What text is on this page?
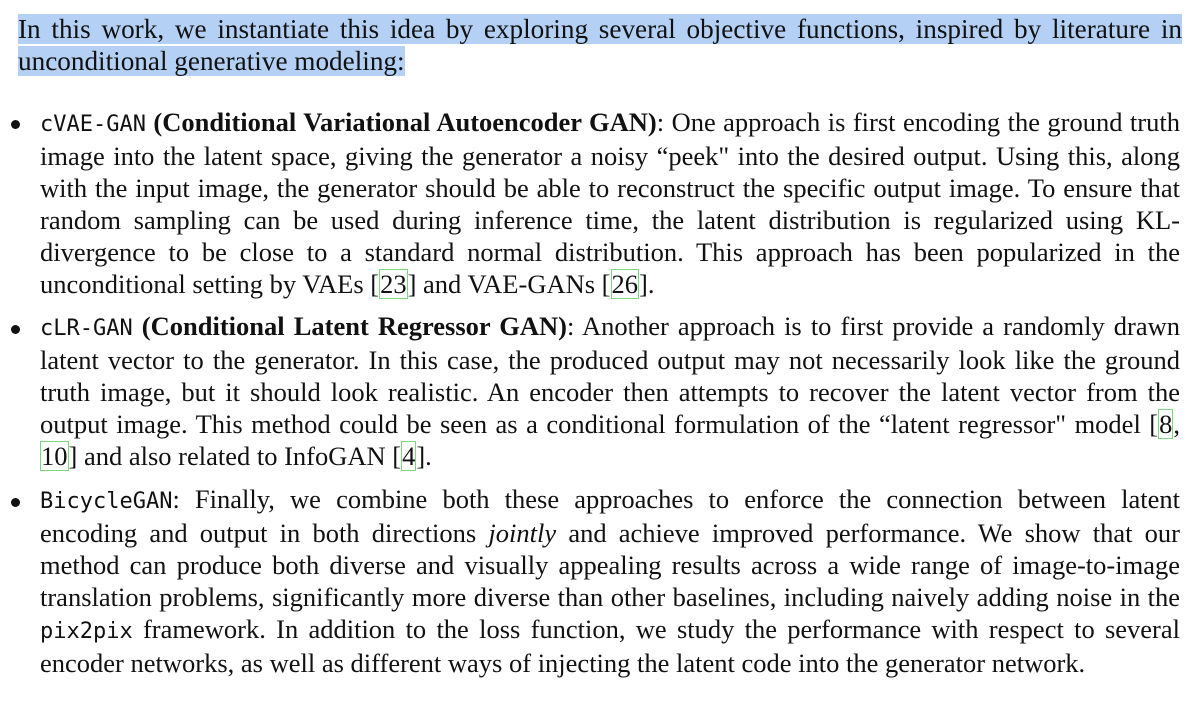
In this work, we instantiate this idea by exploring several objective functions, inspired by literature in unconditional generative modeling:

cVAE-GAN (Conditional Variational Autoencoder GAN): One approach is first encoding the ground truth image into the latent space, giving the generator a noisy “peek" into the desired output. Using this, along with the input image, the generator should be able to reconstruct the specific output image. To ensure that random sampling can be used during inference time, the latent distribution is regularized using KL-divergence to be close to a standard normal distribution. This approach has been popularized in the unconditional setting by VAEs [23] and VAE-GANs [26].
cLR-GAN (Conditional Latent Regressor GAN): Another approach is to first provide a randomly drawn latent vector to the generator. In this case, the produced output may not necessarily look like the ground truth image, but it should look realistic. An encoder then attempts to recover the latent vector from the output image. This method could be seen as a conditional formulation of the “latent regressor" model [8, 10] and also related to InfoGAN [4].
BicycleGAN: Finally, we combine both these approaches to enforce the connection between latent encoding and output in both directions jointly and achieve improved performance. We show that our method can produce both diverse and visually appealing results across a wide range of image-to-image translation problems, significantly more diverse than other baselines, including naively adding noise in the pix2pix framework. In addition to the loss function, we study the performance with respect to several encoder networks, as well as different ways of injecting the latent code into the generator network.
